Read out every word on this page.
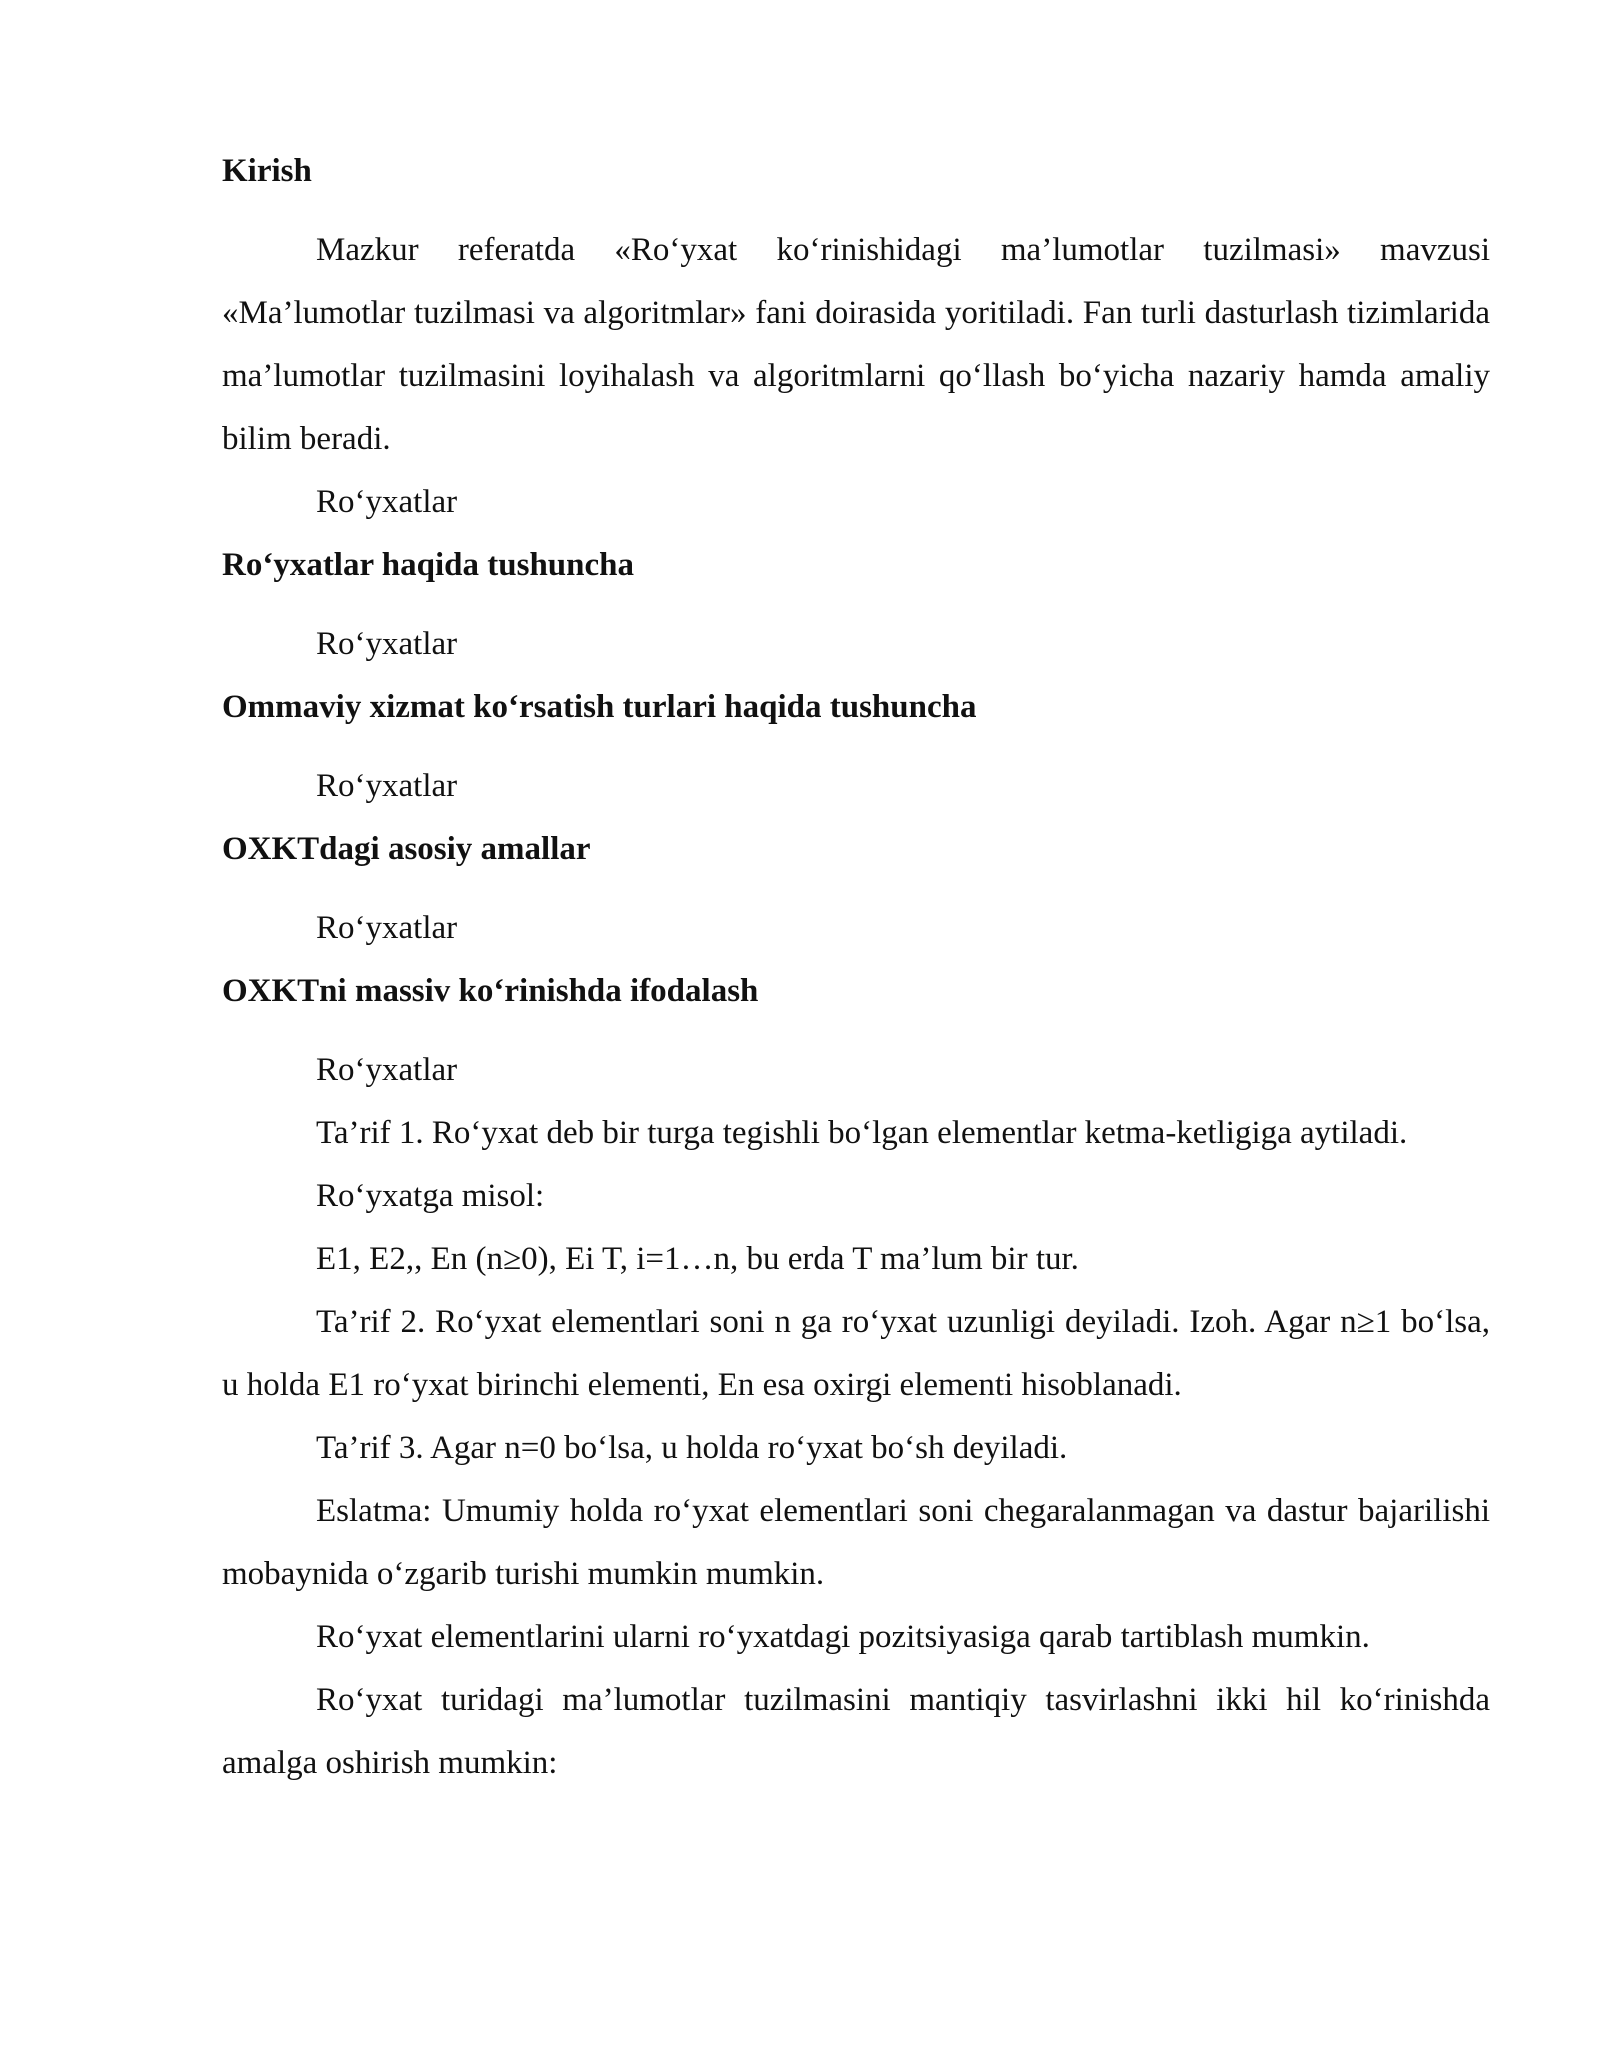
Kirish

Mazkur referatda «Ro‘yxat ko‘rinishidagi ma’lumotlar tuzilmasi» mavzusi «Ma’lumotlar tuzilmasi va algoritmlar» fani doirasida yoritiladi. Fan turli dasturlash tizimlarida ma’lumotlar tuzilmasini loyihalash va algoritmlarni qo‘llash bo‘yicha nazariy hamda amaliy bilim beradi.

Ro‘yxatlar

Ro‘yxatlar haqida tushuncha

Ro‘yxatlar

Ommaviy xizmat ko‘rsatish turlari haqida tushuncha

Ro‘yxatlar

OXKTdagi asosiy amallar

Ro‘yxatlar

OXKTni massiv ko‘rinishda ifodalash

Ro‘yxatlar

Ta’rif 1. Ro‘yxat deb bir turga tegishli bo‘lgan elementlar ketma-ketligiga aytiladi.

Ro‘yxatga misol:

E1, E2,, En (n≥0), Ei T, i=1…n, bu erda T ma’lum bir tur.

Ta’rif 2. Ro‘yxat elementlari soni n ga ro‘yxat uzunligi deyiladi. Izoh. Agar n≥1 bo‘lsa, u holda E1 ro‘yxat birinchi elementi, En esa oxirgi elementi hisoblanadi.

Ta’rif 3. Agar n=0 bo‘lsa, u holda ro‘yxat bo‘sh deyiladi.

Eslatma: Umumiy holda ro‘yxat elementlari soni chegaralanmagan va dastur bajarilishi mobaynida o‘zgarib turishi mumkin mumkin.

Ro‘yxat elementlarini ularni ro‘yxatdagi pozitsiyasiga qarab tartiblash mumkin.

Ro‘yxat turidagi ma’lumotlar tuzilmasini mantiqiy tasvirlashni ikki hil ko‘rinishda amalga oshirish mumkin:
